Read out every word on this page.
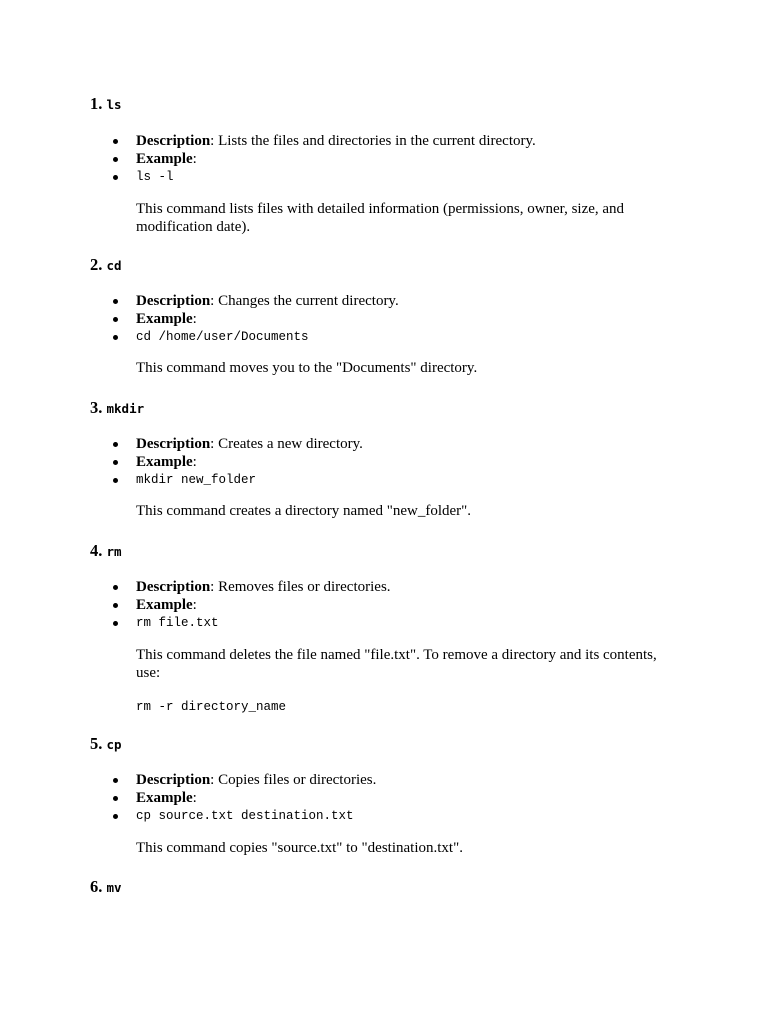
1. ls
Description: Lists the files and directories in the current directory.
Example:
ls -l
This command lists files with detailed information (permissions, owner, size, and modification date).
2. cd
Description: Changes the current directory.
Example:
cd /home/user/Documents
This command moves you to the "Documents" directory.
3. mkdir
Description: Creates a new directory.
Example:
mkdir new_folder
This command creates a directory named "new_folder".
4. rm
Description: Removes files or directories.
Example:
rm file.txt
This command deletes the file named "file.txt". To remove a directory and its contents, use:
rm -r directory_name
5. cp
Description: Copies files or directories.
Example:
cp source.txt destination.txt
This command copies "source.txt" to "destination.txt".
6. mv
